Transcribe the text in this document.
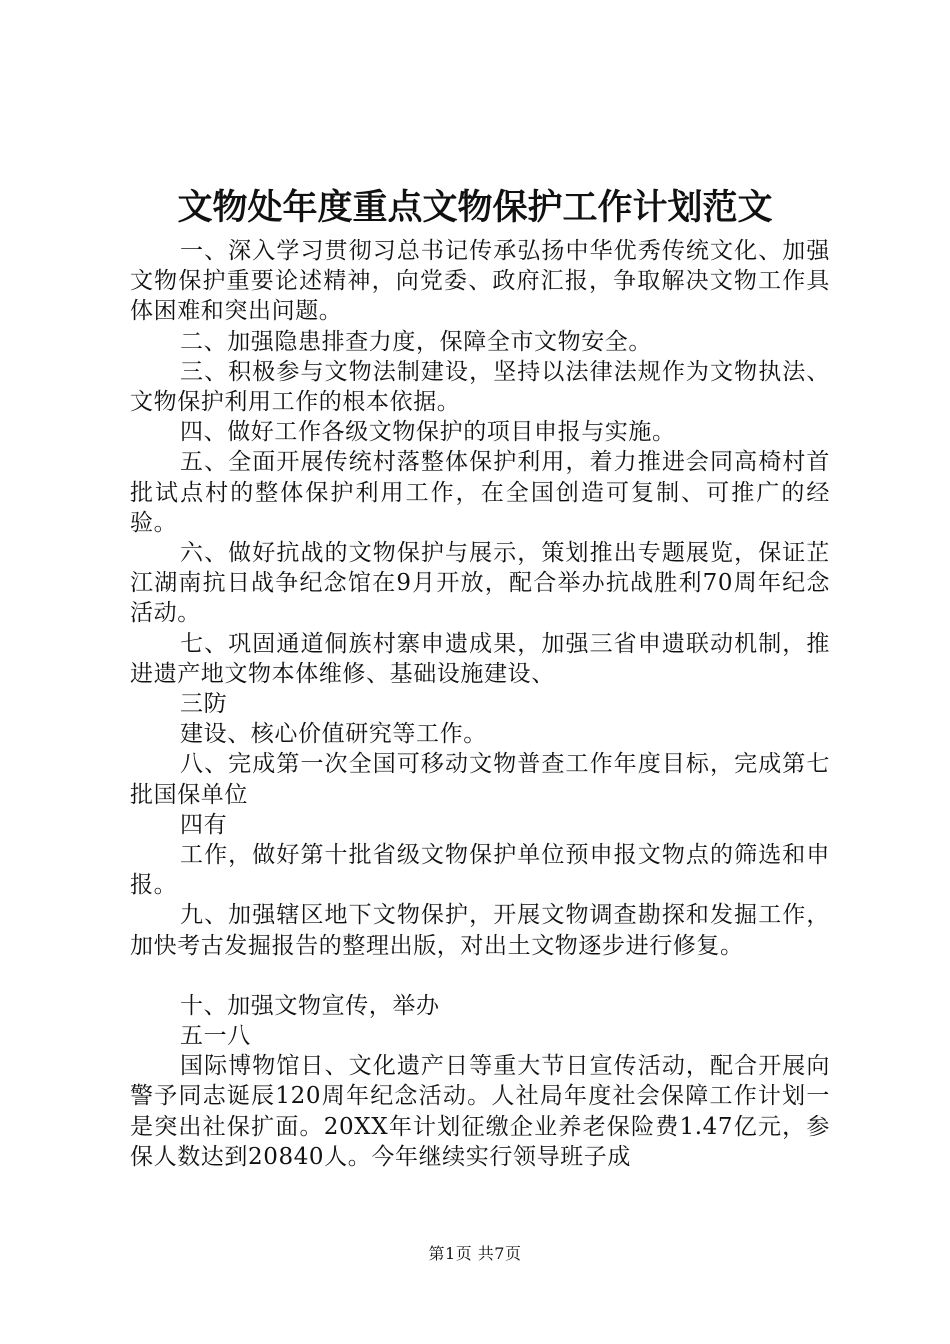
文物处年度重点文物保护工作计划范文

一、深入学习贯彻习总书记传承弘扬中华优秀传统文化、加强文物保护重要论述精神，向党委、政府汇报，争取解决文物工作具体困难和突出问题。

二、加强隐患排查力度，保障全市文物安全。

三、积极参与文物法制建设，坚持以法律法规作为文物执法、文物保护利用工作的根本依据。

四、做好工作各级文物保护的项目申报与实施。

五、全面开展传统村落整体保护利用，着力推进会同高椅村首批试点村的整体保护利用工作，在全国创造可复制、可推广的经验。

六、做好抗战的文物保护与展示，策划推出专题展览，保证芷江湖南抗日战争纪念馆在9月开放，配合举办抗战胜利70周年纪念活动。

七、巩固通道侗族村寨申遗成果，加强三省申遗联动机制，推进遗产地文物本体维修、基础设施建设、

三防

建设、核心价值研究等工作。

八、完成第一次全国可移动文物普查工作年度目标，完成第七批国保单位

四有

工作，做好第十批省级文物保护单位预申报文物点的筛选和申报。

九、加强辖区地下文物保护，开展文物调查勘探和发掘工作，加快考古发掘报告的整理出版，对出土文物逐步进行修复。

十、加强文物宣传，举办

五一八

国际博物馆日、文化遗产日等重大节日宣传活动，配合开展向警予同志诞辰120周年纪念活动。人社局年度社会保障工作计划一是突出社保扩面。20XX年计划征缴企业养老保险费1.47亿元，参保人数达到20840人。今年继续实行领导班子成

第1页 共7页
